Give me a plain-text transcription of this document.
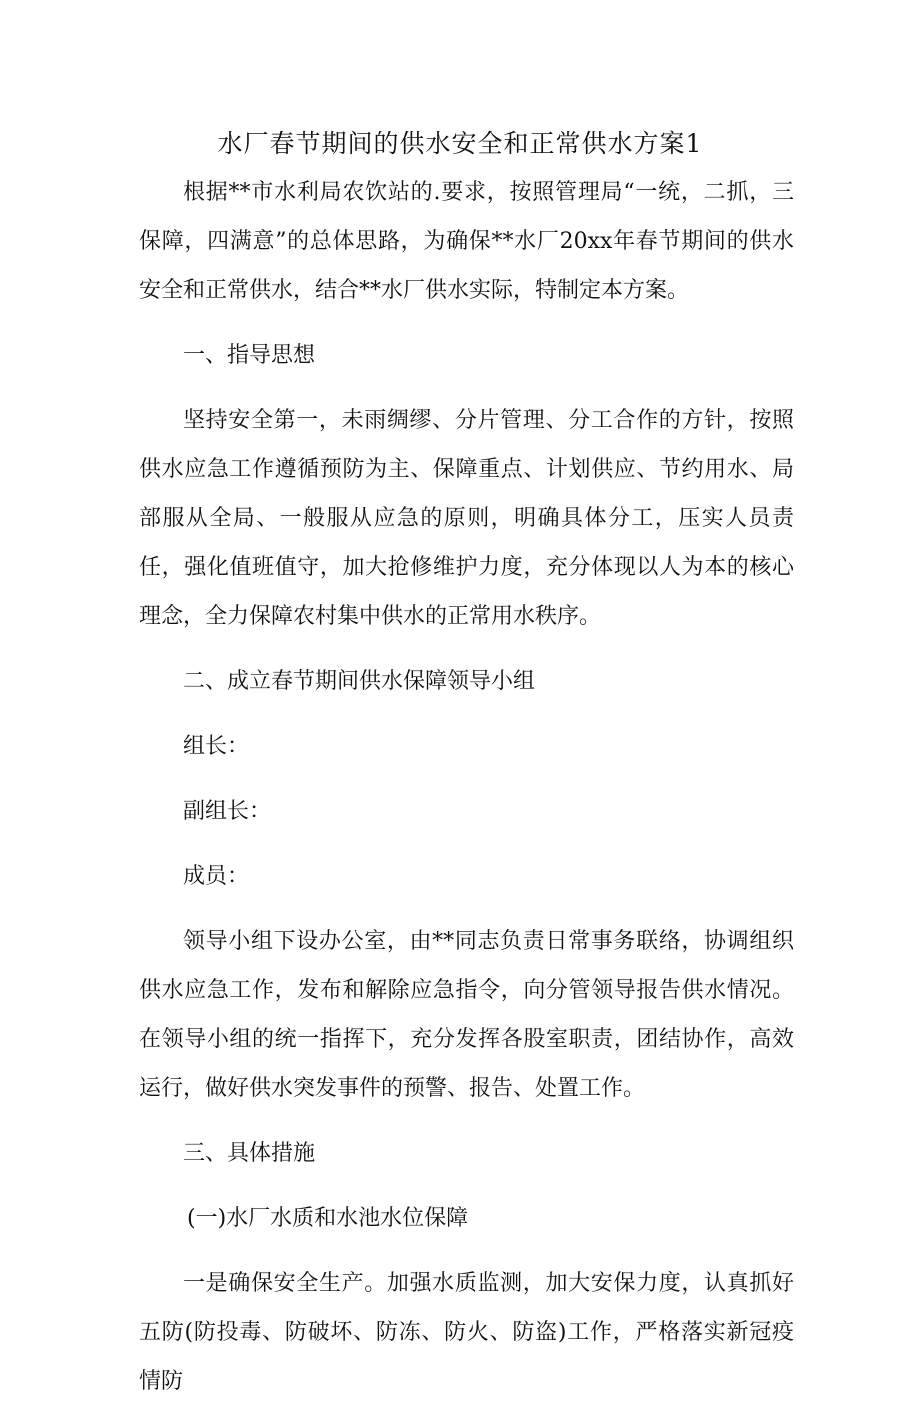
水厂春节期间的供水安全和正常供水方案1

根据**市水利局农饮站的.要求，按照管理局“一统，二抓，三保障，四满意”的总体思路，为确保**水厂20xx年春节期间的供水安全和正常供水，结合**水厂供水实际，特制定本方案。

一、指导思想

坚持安全第一，未雨绸缪、分片管理、分工合作的方针，按照供水应急工作遵循预防为主、保障重点、计划供应、节约用水、局部服从全局、一般服从应急的原则，明确具体分工，压实人员责任，强化值班值守，加大抢修维护力度，充分体现以人为本的核心理念，全力保障农村集中供水的正常用水秩序。

二、成立春节期间供水保障领导小组

组长：

副组长：

成员：

领导小组下设办公室，由**同志负责日常事务联络，协调组织供水应急工作，发布和解除应急指令，向分管领导报告供水情况。在领导小组的统一指挥下，充分发挥各股室职责，团结协作，高效运行，做好供水突发事件的预警、报告、处置工作。

三、具体措施

(一)水厂水质和水池水位保障

一是确保安全生产。加强水质监测，加大安保力度，认真抓好五防(防投毒、防破坏、防冻、防火、防盗)工作，严格落实新冠疫情防
